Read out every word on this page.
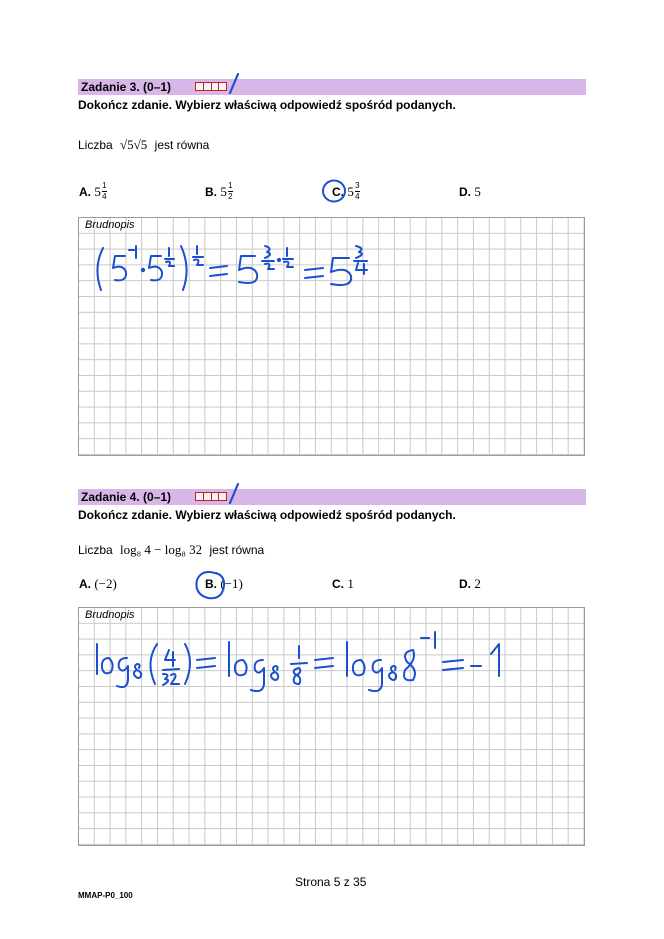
Zadanie 3. (0–1)
Dokończ zdanie. Wybierz właściwą odpowiedź spośród podanych.
Liczba √5√5 jest równa
A. $5 \frac{1}{4}$	B. $5 \frac{1}{2}$	C. $5 \frac{3}{4}$	D. 5
Brudnopis
Zadanie 4. (0–1)
Dokończ zdanie. Wybierz właściwą odpowiedź spośród podanych.
Liczba log₈ 4 − log₈ 32 jest równa
A. (−2)	B. (−1)	C. 1	D. 2
Brudnopis
Strona 5 z 35
MMAP-P0_100
